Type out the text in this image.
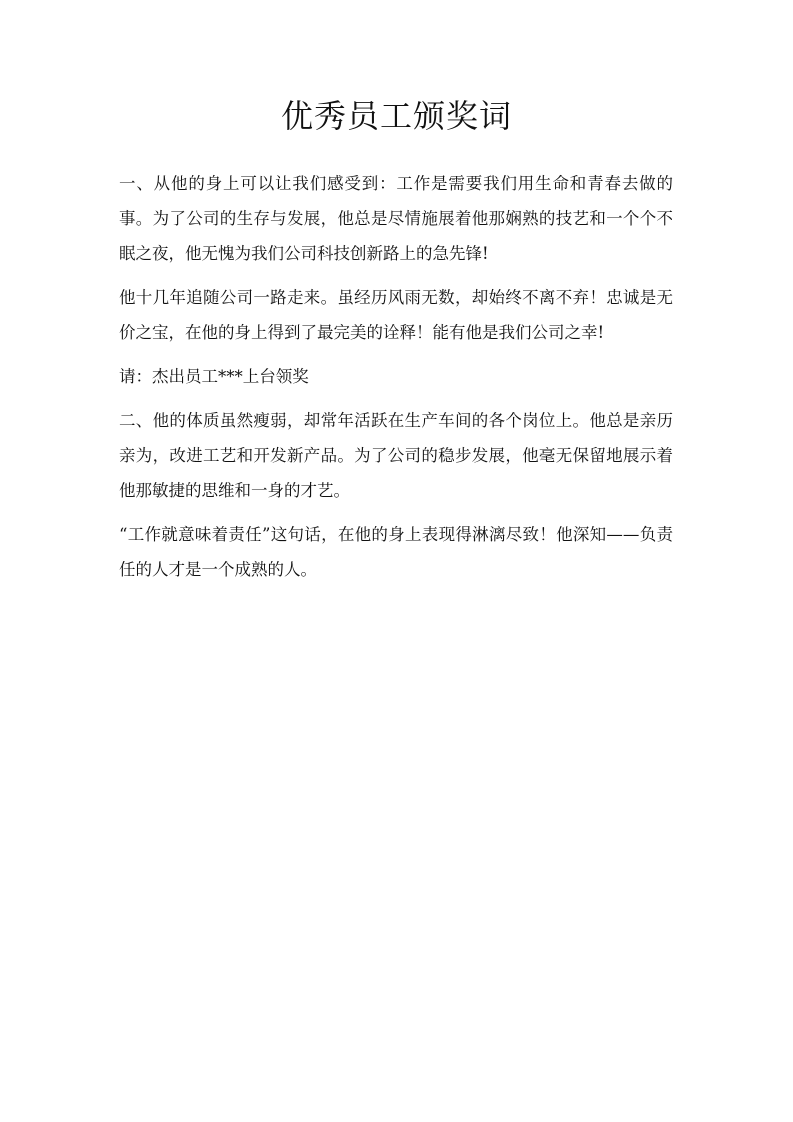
优秀员工颁奖词

一、从他的身上可以让我们感受到：工作是需要我们用生命和青春去做的事。为了公司的生存与发展，他总是尽情施展着他那娴熟的技艺和一个个不眠之夜，他无愧为我们公司科技创新路上的急先锋!

他十几年追随公司一路走来。虽经历风雨无数，却始终不离不弃！忠诚是无价之宝，在他的身上得到了最完美的诠释！能有他是我们公司之幸!

请：杰出员工***上台领奖

二、他的体质虽然瘦弱，却常年活跃在生产车间的各个岗位上。他总是亲历亲为，改进工艺和开发新产品。为了公司的稳步发展，他毫无保留地展示着他那敏捷的思维和一身的才艺。

“工作就意味着责任”这句话，在他的身上表现得淋漓尽致！他深知——负责任的人才是一个成熟的人。
